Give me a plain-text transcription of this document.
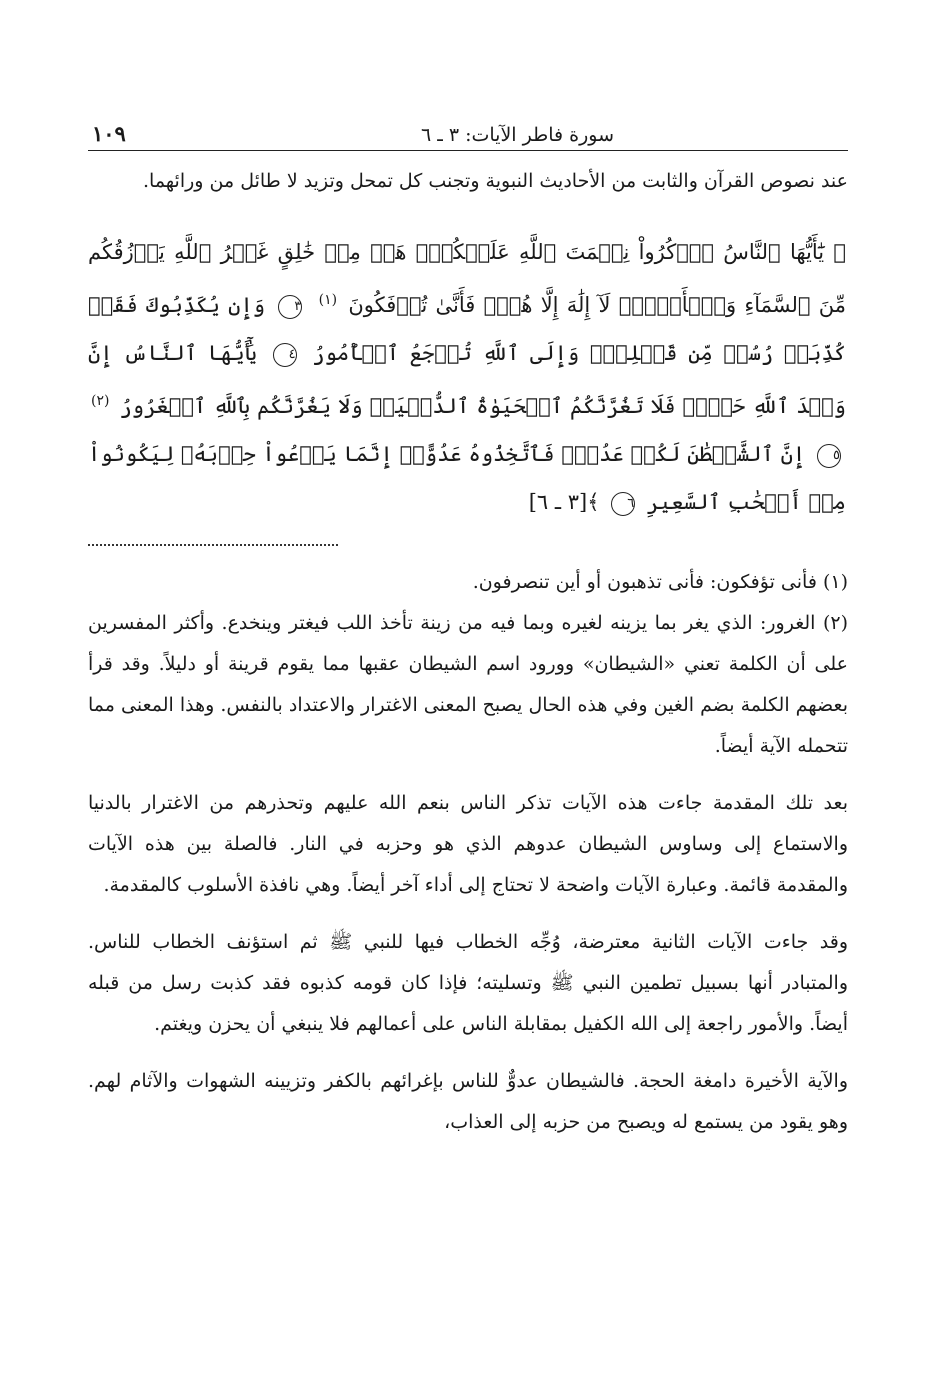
سورة فاطر الآيات: ٣ ـ ٦
١٠٩

عند نصوص القرآن والثابت من الأحاديث النبوية وتجنب كل تمحل وتزيد لا طائل من ورائهما.

﴿ يَٰٓأَيُّهَا ٱلنَّاسُ ٱذۡكُرُواْ نِعۡمَتَ ٱللَّهِ عَلَيۡكُمۡۚ هَلۡ مِنۡ خَٰلِقٍ غَيۡرُ ٱللَّهِ يَرۡزُقُكُم مِّنَ ٱلسَّمَآءِ وَٱلۡأَرۡضِۚ لَآ إِلَٰهَ إِلَّا هُوَۖ فَأَنَّىٰ تُؤۡفَكُونَ $^{(١)}$ ٣ وَإِن يُكَذِّبُوكَ فَقَدۡ كُذِّبَتۡ رُسُلٞ مِّن قَبۡلِكَۚ وَإِلَى ٱللَّهِ تُرۡجَعُ ٱلۡأُمُورُ ٤ يَٰٓأَيُّهَا ٱلنَّاسُ إِنَّ وَعۡدَ ٱللَّهِ حَقّٞۖ فَلَا تَغُرَّنَّكُمُ ٱلۡحَيَوٰةُ ٱلدُّنۡيَاۖ وَلَا يَغُرَّنَّكُم بِٱللَّهِ ٱلۡغَرُورُ $^{(٢)}$ ٥ إِنَّ ٱلشَّيۡطَٰنَ لَكُمۡ عَدُوّٞ فَٱتَّخِذُوهُ عَدُوًّاۚ إِنَّمَا يَدۡعُواْ حِزۡبَهُۥ لِيَكُونُواْ مِنۡ أَصۡحَٰبِ ٱلسَّعِيرِ ٦ ﴾[٣ ـ ٦]

(١) فأنى تؤفكون: فأنى تذهبون أو أين تنصرفون.

(٢) الغرور: الذي يغر بما يزينه لغيره وبما فيه من زينة تأخذ اللب فيغتر وينخدع. وأكثر المفسرين على أن الكلمة تعني «الشيطان» وورود اسم الشيطان عقبها مما يقوم قرينة أو دليلاً. وقد قرأ بعضهم الكلمة بضم الغين وفي هذه الحال يصبح المعنى الاغترار والاعتداد بالنفس. وهذا المعنى مما تتحمله الآية أيضاً.

بعد تلك المقدمة جاءت هذه الآيات تذكر الناس بنعم الله عليهم وتحذرهم من الاغترار بالدنيا والاستماع إلى وساوس الشيطان عدوهم الذي هو وحزبه في النار. فالصلة بين هذه الآيات والمقدمة قائمة. وعبارة الآيات واضحة لا تحتاج إلى أداء آخر أيضاً. وهي نافذة الأسلوب كالمقدمة.

وقد جاءت الآيات الثانية معترضة، وُجِّه الخطاب فيها للنبي ﷺ ثم استؤنف الخطاب للناس. والمتبادر أنها بسبيل تطمين النبي ﷺ وتسليته؛ فإذا كان قومه كذبوه فقد كذبت رسل من قبله أيضاً. والأمور راجعة إلى الله الكفيل بمقابلة الناس على أعمالهم فلا ينبغي أن يحزن ويغتم.

والآية الأخيرة دامغة الحجة. فالشيطان عدوٌّ للناس بإغرائهم بالكفر وتزيينه الشهوات والآثام لهم. وهو يقود من يستمع له ويصبح من حزبه إلى العذاب،
